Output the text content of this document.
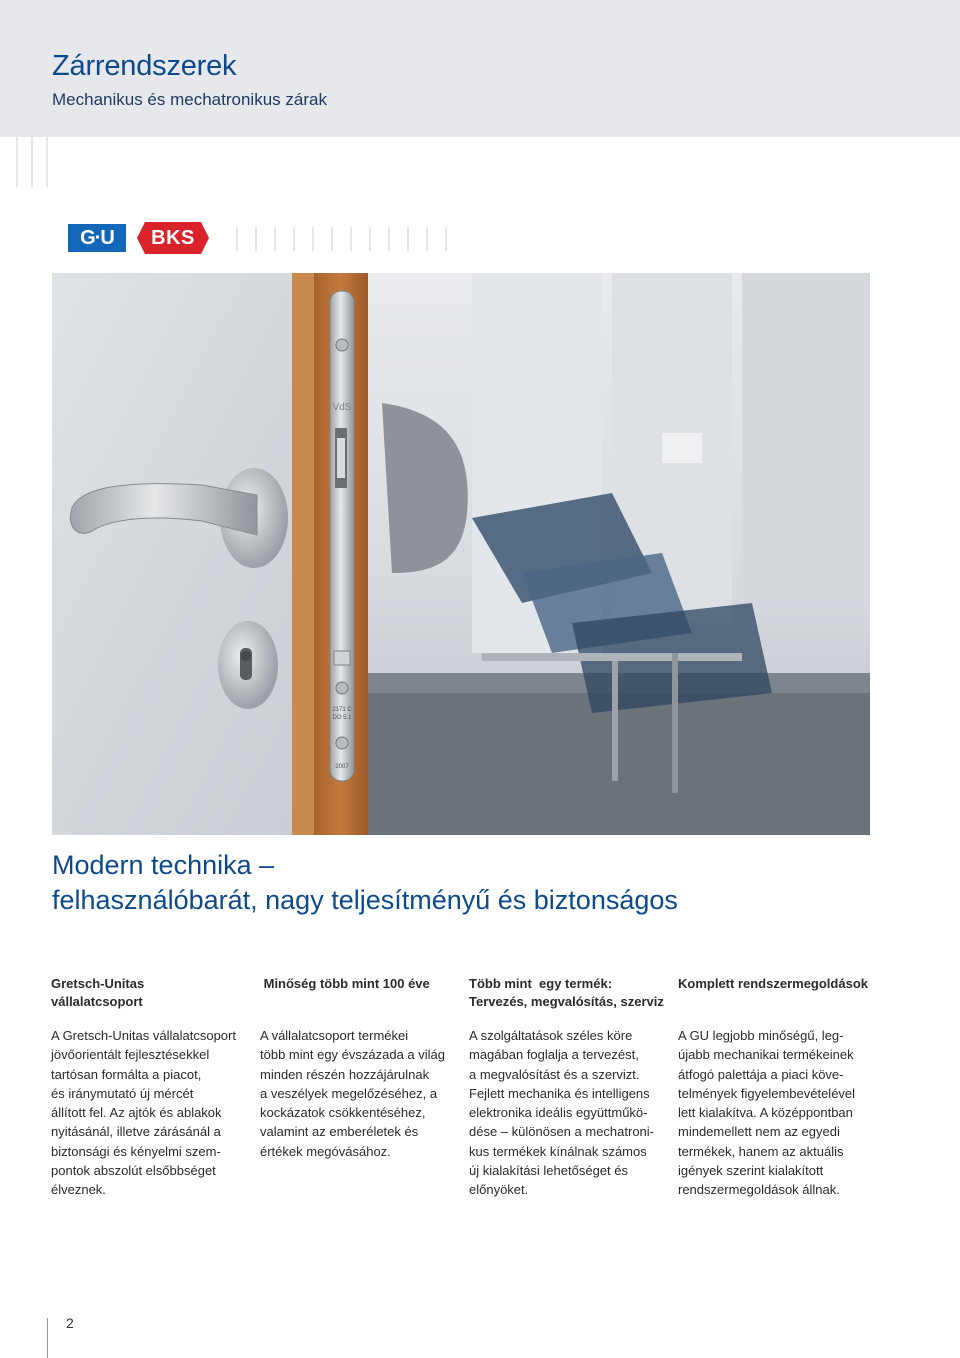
Zárrendszerek

Mechanikus és mechatronikus zárak

G·U	BKS
VdS
2171 C
DO 5.1
2007
Modern technika –
felhasználóbarát, nagy teljesítményű és biztonságos
Gretsch-Unitas
vállalatcsoport

A Gretsch-Unitas vállalatcsoport
jövőorientált fejlesztésekkel
tartósan formálta a piacot,
és iránymutató új mércét
állított fel. Az ajtók és ablakok
nyitásánál, illetve zárásánál a
biztonsági és kényelmi szem-
pontok abszolút elsőbbséget
élveznek.

Minőség több mint 100 éve

A vállalatcsoport termékei
több mint egy évszázada a világ
minden részén hozzájárulnak
a veszélyek megelőzéséhez, a
kockázatok csökkentéséhez,
valamint az emberéletek és
értékek megóvásához.

Több mint  egy termék:
Tervezés, megvalósítás, szerviz

A szolgáltatások széles köre
magában foglalja a tervezést,
a megvalósítást és a szervizt.
Fejlett mechanika és intelligens
elektronika ideális együttműkö-
dése – különösen a mechatroni-
kus termékek kínálnak számos
új kialakítási lehetőséget és
előnyöket.

Komplett rendszermegoldások

A GU legjobb minőségű, leg-
újabb mechanikai termékeinek
átfogó palettája a piaci köve-
telmények figyelembevételével
lett kialakítva. A középpontban
mindemellett nem az egyedi
termékek, hanem az aktuális
igények szerint kialakított
rendszermegoldások állnak.

2
